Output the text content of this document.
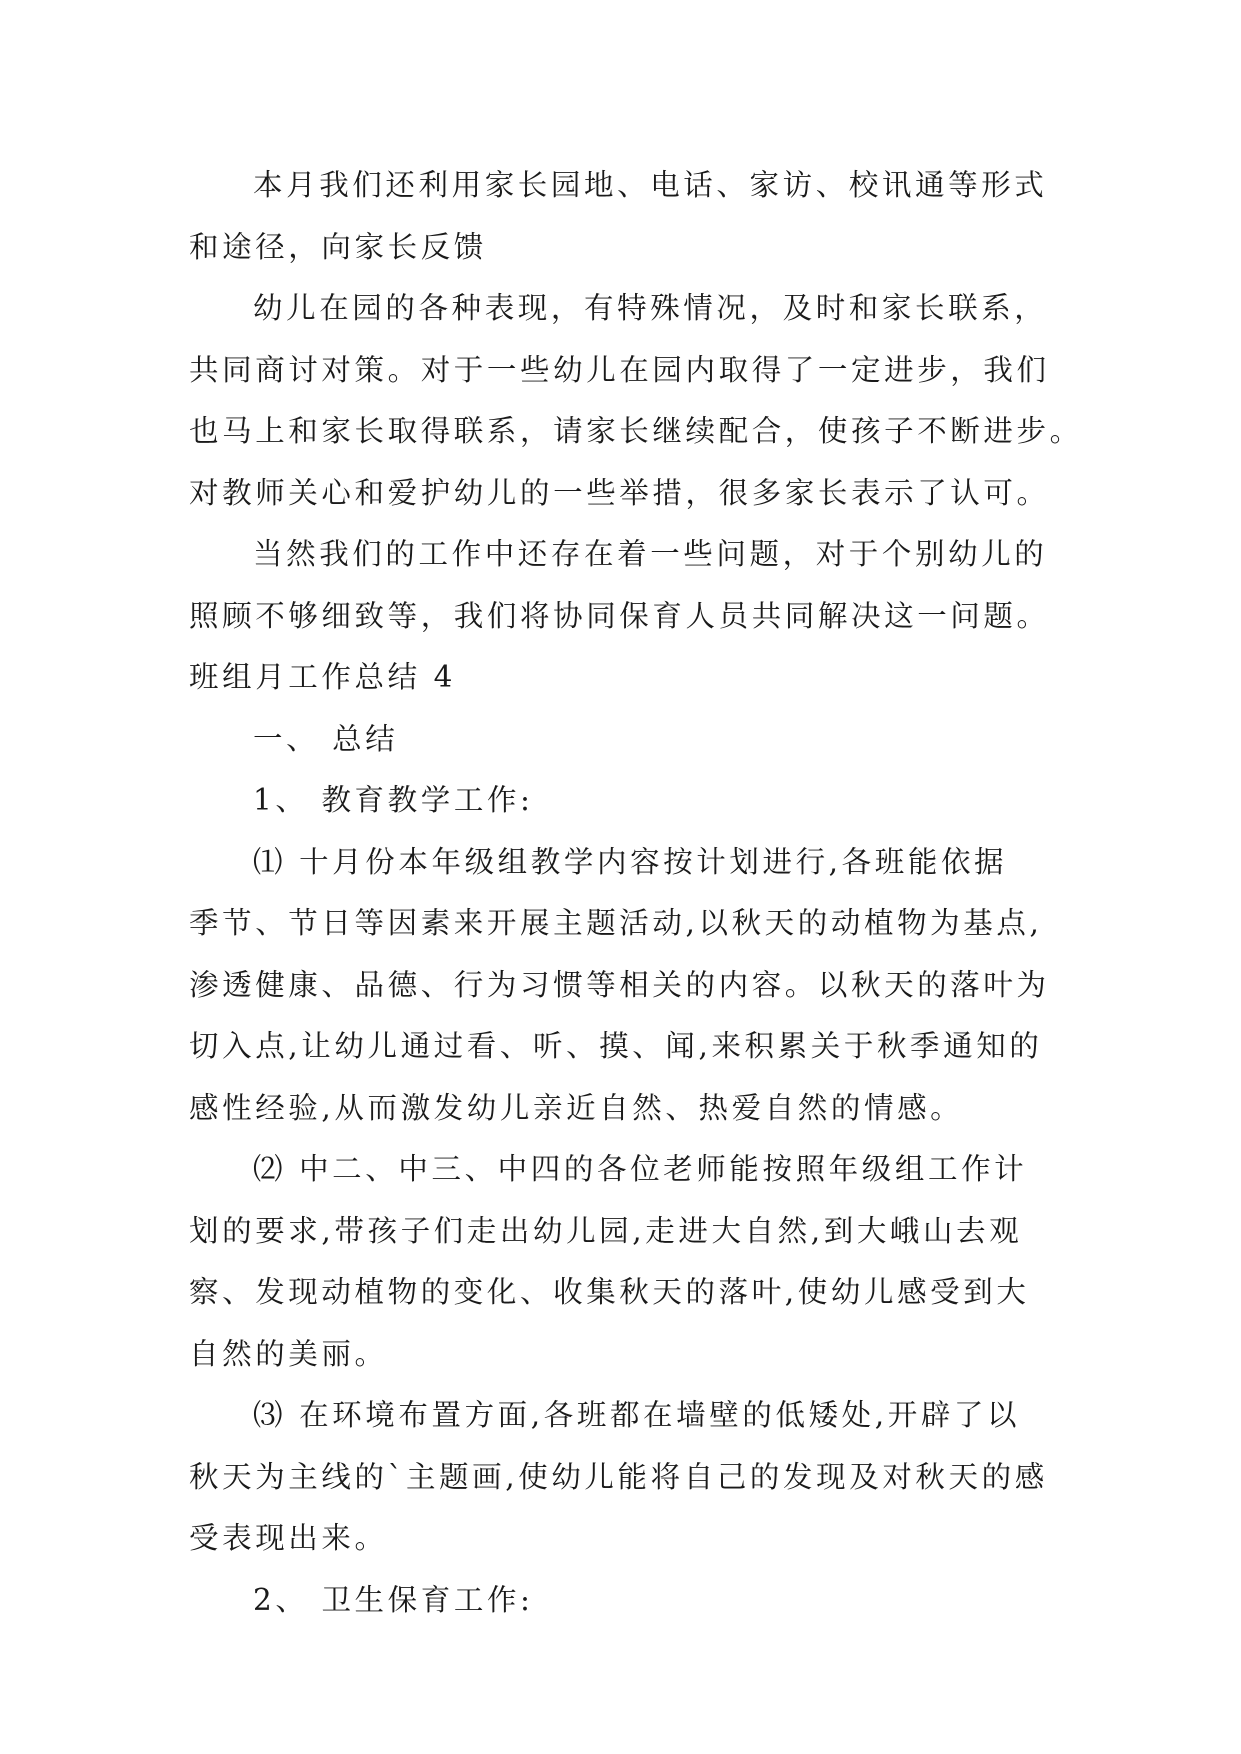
本月我们还利用家长园地、电话、家访、校讯通等形式
和途径，向家长反馈
幼儿在园的各种表现，有特殊情况，及时和家长联系，
共同商讨对策。对于一些幼儿在园内取得了一定进步，我们
也马上和家长取得联系，请家长继续配合，使孩子不断进步。
对教师关心和爱护幼儿的一些举措，很多家长表示了认可。
当然我们的工作中还存在着一些问题，对于个别幼儿的
照顾不够细致等，我们将协同保育人员共同解决这一问题。
班组月工作总结 4
一、 总结
1、 教育教学工作:
⑴ 十月份本年级组教学内容按计划进行,各班能依据
季节、节日等因素来开展主题活动,以秋天的动植物为基点,
渗透健康、品德、行为习惯等相关的内容。以秋天的落叶为
切入点,让幼儿通过看、听、摸、闻,来积累关于秋季通知的
感性经验,从而激发幼儿亲近自然、热爱自然的情感。
⑵ 中二、中三、中四的各位老师能按照年级组工作计
划的要求,带孩子们走出幼儿园,走进大自然,到大峨山去观
察、发现动植物的变化、收集秋天的落叶,使幼儿感受到大
自然的美丽。
⑶ 在环境布置方面,各班都在墙壁的低矮处,开辟了以
秋天为主线的`主题画,使幼儿能将自己的发现及对秋天的感
受表现出来。
2、 卫生保育工作:
